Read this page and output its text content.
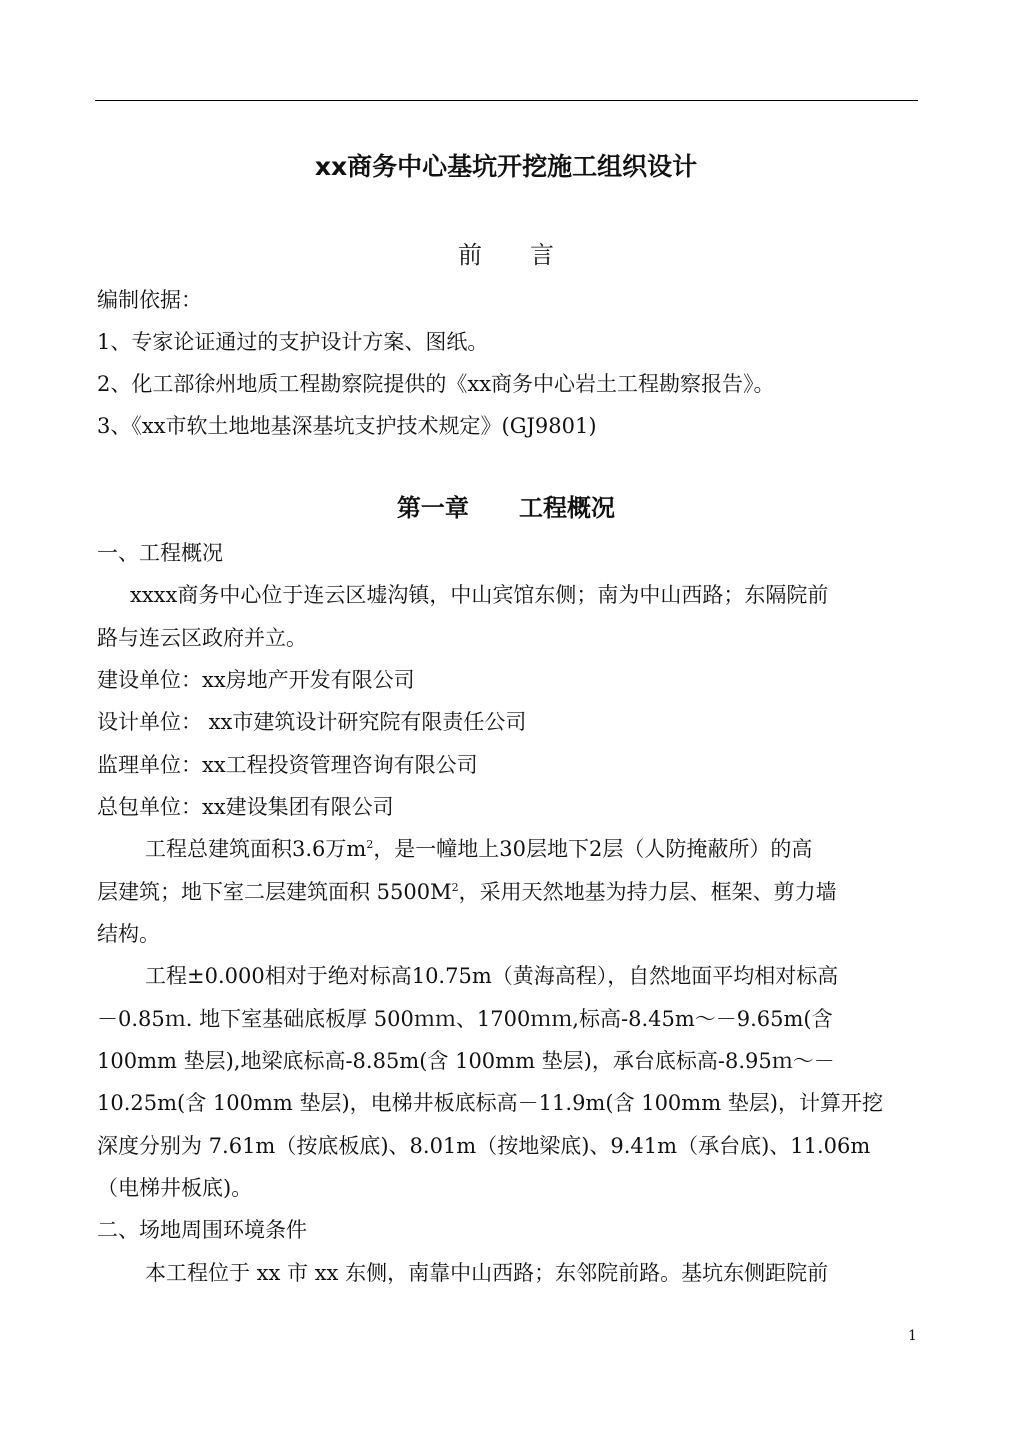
xx商务中心基坑开挖施工组织设计
前　　言
编制依据：
1、专家论证通过的支护设计方案、图纸。
2、化工部徐州地质工程勘察院提供的《xx商务中心岩土工程勘察报告》。
3、《xx市软土地地基深基坑支护技术规定》(GJ9801)
第一章      工程概况
一、工程概况
xxxx商务中心位于连云区墟沟镇，中山宾馆东侧；南为中山西路；东隔院前
路与连云区政府并立。
建设单位：xx房地产开发有限公司
设计单位： xx市建筑设计研究院有限责任公司
监理单位：xx工程投资管理咨询有限公司
总包单位：xx建设集团有限公司
工程总建筑面积3.6万$m^2$，是一幢地上30层地下2层（人防掩蔽所）的高
层建筑；地下室二层建筑面积 $5500M^2$，采用天然地基为持力层、框架、剪力墙
结构。
工程±0.000相对于绝对标高10.75m（黄海高程），自然地面平均相对标高
－0.85ｍ. 地下室基础底板厚 500ｍｍ、1700ｍｍ,标高-8.45m～－9.65m(含
100mm 垫层),地梁底标高-8.85m(含 100mm 垫层)，承台底标高-8.95ｍ～－
10.25m(含 100mm 垫层)，电梯井板底标高－11.9m(含 100mm 垫层)，计算开挖
深度分别为 7.61m（按底板底)、8.01m（按地梁底)、9.41m（承台底)、11.06m
（电梯井板底)。
二、场地周围环境条件
本工程位于 xx 市 xx 东侧，南靠中山西路；东邻院前路。基坑东侧距院前
1
